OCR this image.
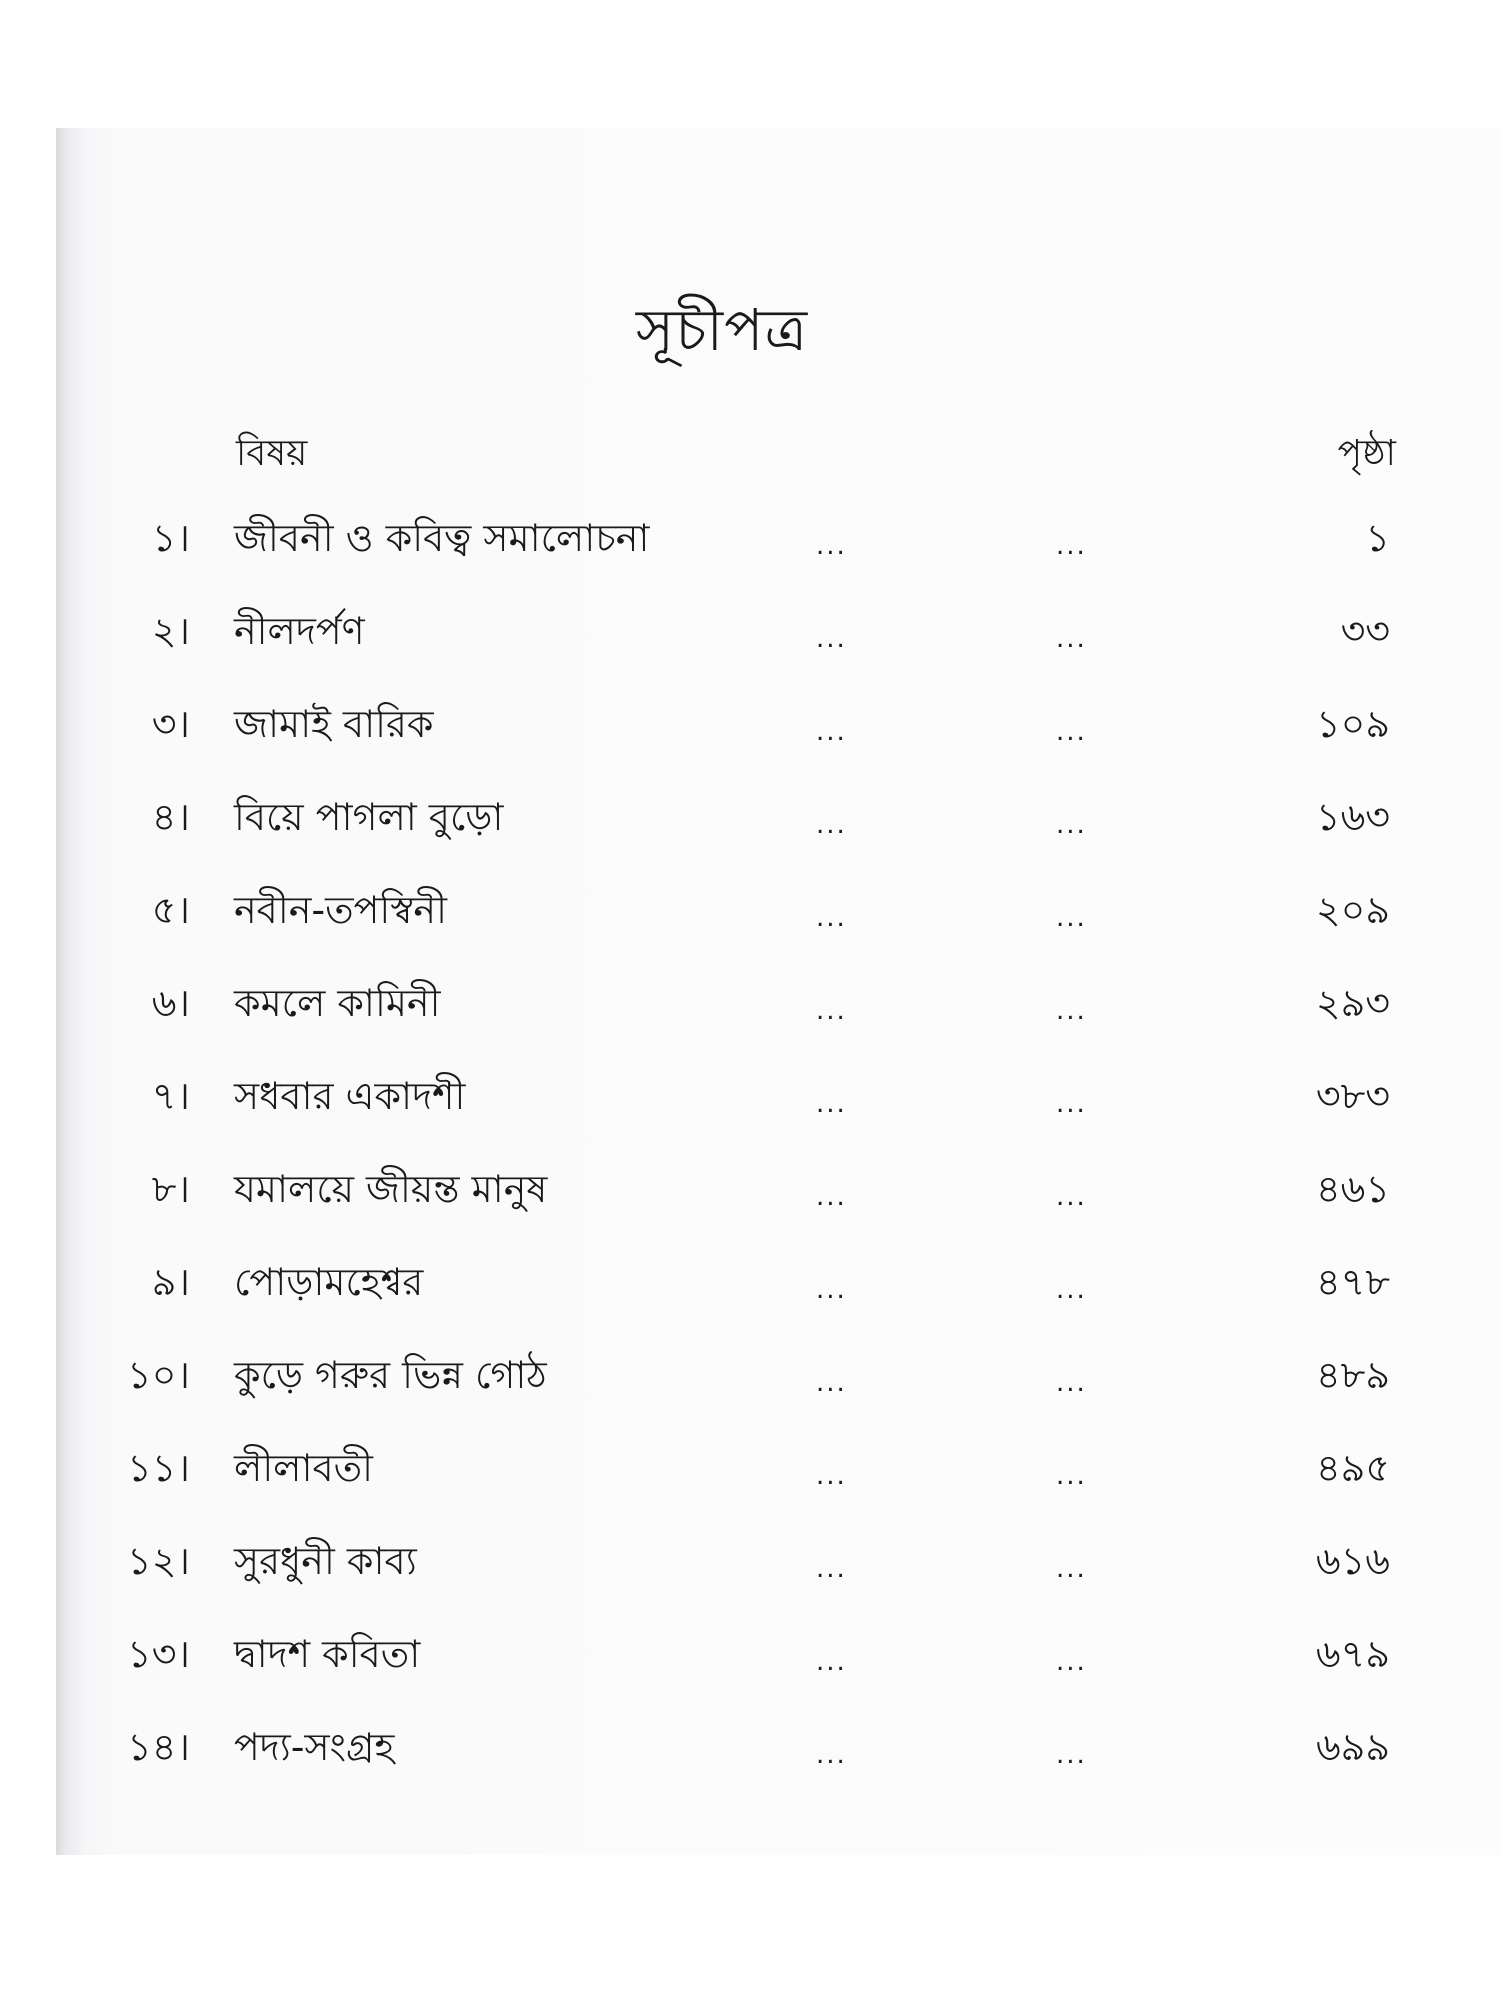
সূচীপত্র
বিষয়	পৃষ্ঠা
১। জীবনী ও কবিত্ব সমালোচনা	...	...	১
২। নীলদর্পণ	...	...	৩৩
৩। জামাই বারিক	...	...	১০৯
৪। বিয়ে পাগলা বুড়ো	...	...	১৬৩
৫। নবীন-তপস্বিনী	...	...	২০৯
৬। কমলে কামিনী	...	...	২৯৩
৭। সধবার একাদশী	...	...	৩৮৩
৮। যমালয়ে জীয়ন্ত মানুষ	...	...	৪৬১
৯। পোড়ামহেশ্বর	...	...	৪৭৮
১০। কুড়ে গরুর ভিন্ন গোঠ	...	...	৪৮৯
১১। লীলাবতী	...	...	৪৯৫
১২। সুরধুনী কাব্য	...	...	৬১৬
১৩। দ্বাদশ কবিতা	...	...	৬৭৯
১৪। পদ্য-সংগ্রহ	...	...	৬৯৯
